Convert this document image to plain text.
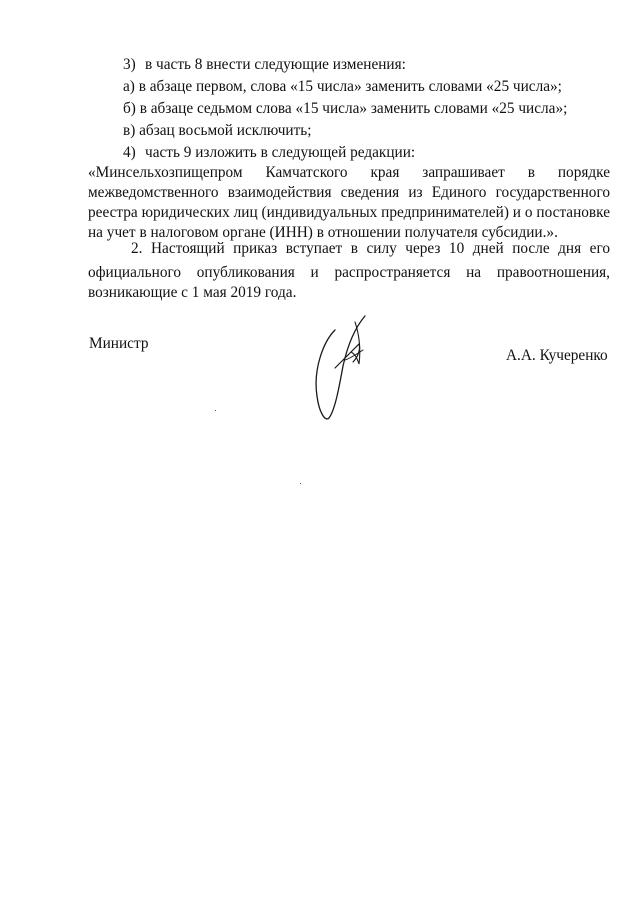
3) в часть 8 внести следующие изменения:
а) в абзаце первом, слова «15 числа» заменить словами «25 числа»;
б) в абзаце седьмом слова «15 числа» заменить словами «25 числа»;
в) абзац восьмой исключить;
4) часть 9 изложить в следующей редакции:
«Минсельхозпищепром Камчатского края запрашивает в порядке
межведомственного взаимодействия сведения из Единого государственного
реестра юридических лиц (индивидуальных предпринимателей) и о постановке
на учет в налоговом органе (ИНН) в отношении получателя субсидии.».
2. Настоящий приказ вступает в силу через 10 дней после дня его
официального опубликования и распространяется на правоотношения,
возникающие с 1 мая 2019 года.
Министр
А.А. Кучеренко
